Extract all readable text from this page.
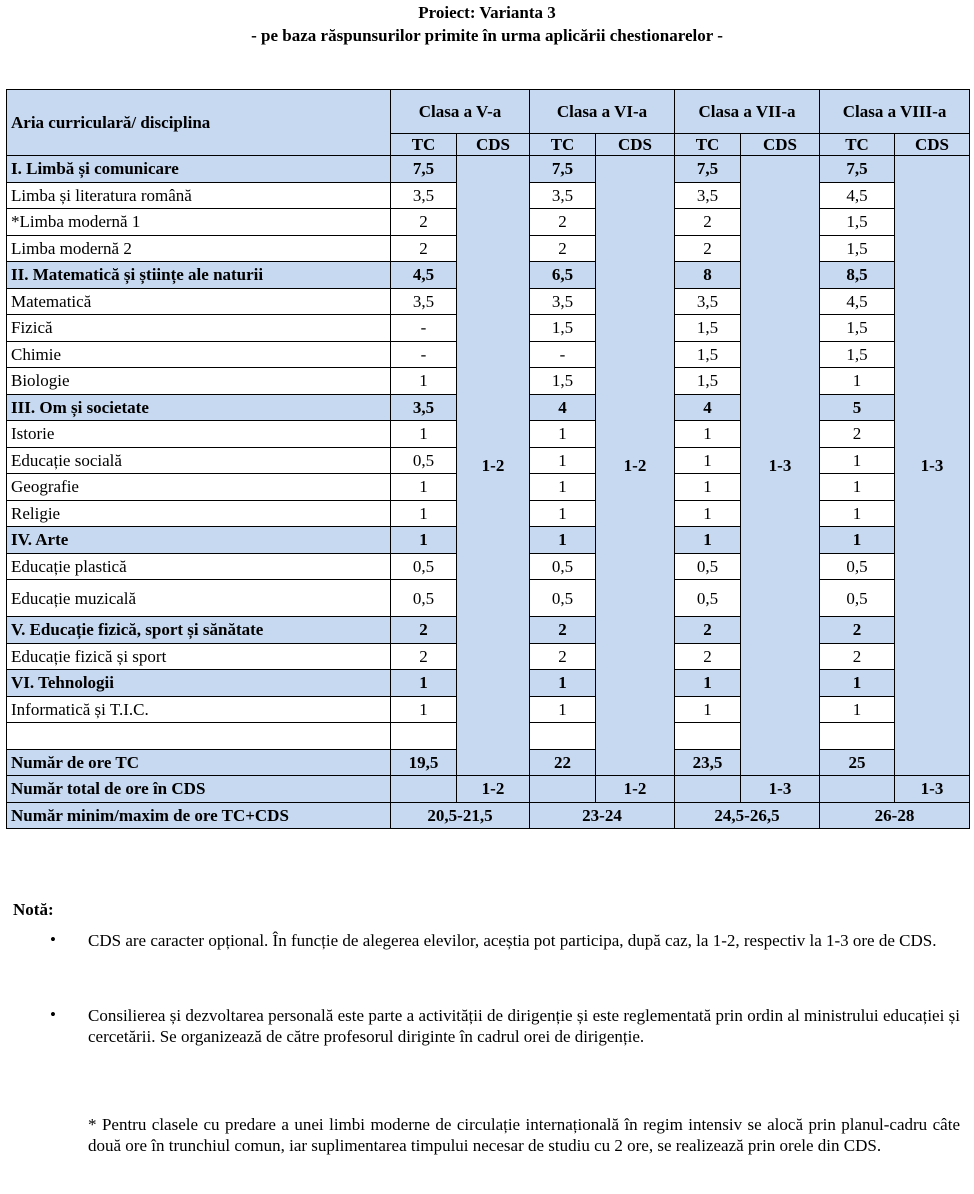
Proiect: Varianta 3
- pe baza răspunsurilor primite în urma aplicării chestionarelor -
Aria curriculară/ disciplina	Clasa a V-a		Clasa a VI-a		Clasa a VII-a		Clasa a VIII-a	
	TC	CDS	TC	CDS	TC	CDS	TC	CDS
I. Limbă și comunicare	7,5	1-2	7,5	1-2	7,5	1-3	7,5	1-3
Limba și literatura română	3,5		3,5		3,5		4,5	
*Limba modernă 1	2		2		2		1,5	
Limba modernă 2	2		2		2		1,5	
II. Matematică și științe ale naturii	4,5		6,5		8		8,5	
Matematică	3,5		3,5		3,5		4,5	
Fizică	-		1,5		1,5		1,5	
Chimie	-		-		1,5		1,5	
Biologie	1		1,5		1,5		1	
III. Om și societate	3,5		4		4		5	
Istorie	1		1		1		2	
Educație socială	0,5		1		1		1	
Geografie	1		1		1		1	
Religie	1		1		1		1	
IV. Arte	1		1		1		1	
Educație plastică	0,5		0,5		0,5		0,5	
Educație muzicală	0,5		0,5		0,5		0,5	
V. Educație fizică, sport și sănătate	2		2		2		2	
Educație fizică și sport	2		2		2		2	
VI. Tehnologii	1		1		1		1	
Informatică și T.I.C.	1		1		1		1	

Număr de ore TC	19,5		22		23,5		25	
Număr total de ore în CDS		1-2		1-2		1-3		1-3
Număr minim/maxim de ore TC+CDS	20,5-21,5		23-24		24,5-26,5		26-28	
Notă:
• CDS are caracter opțional. În funcție de alegerea elevilor, aceștia pot participa, după caz, la 1-2, respectiv la 1-3 ore de CDS.
• Consilierea și dezvoltarea personală este parte a activității de dirigenție și este reglementată prin ordin al ministrului educației și cercetării. Se organizează de către profesorul diriginte în cadrul orei de dirigenție.
* Pentru clasele cu predare a unei limbi moderne de circulație internațională în regim intensiv se alocă prin planul-cadru câte două ore în trunchiul comun, iar suplimentarea timpului necesar de studiu cu 2 ore, se realizează prin orele din CDS.
